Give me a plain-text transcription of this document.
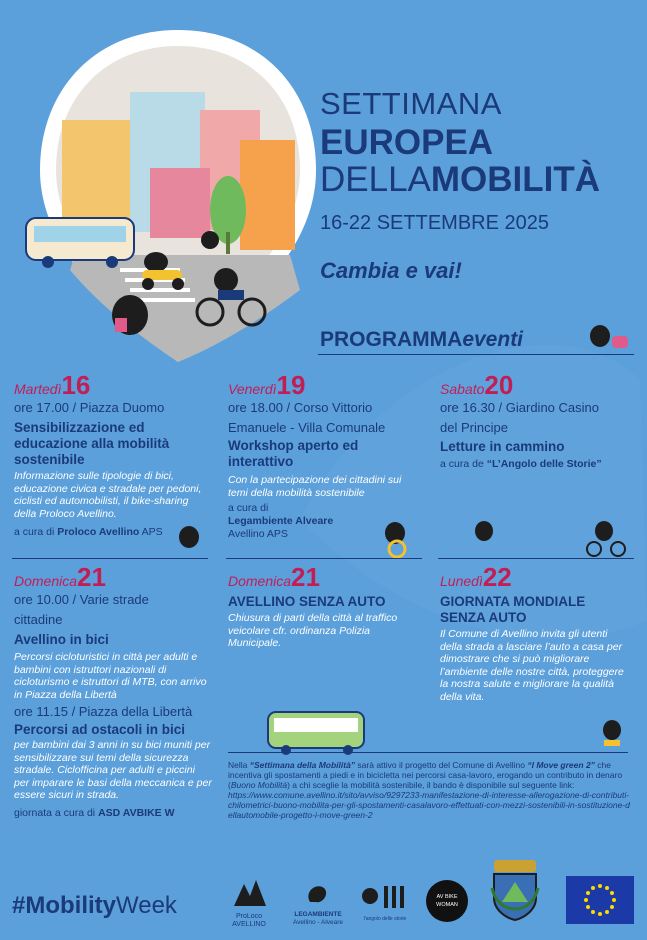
SETTIMANA
EUROPEA
DELLAMOBILITÀ
16-22 SETTEMBRE 2025
Cambia e vai!
PROGRAMMAeventi
Martedì16
ore 17.00 / Piazza Duomo
Sensibilizzazione ed educazione alla mobilità sostenibile
Informazione sulle tipologie di bici, educazione civica e stradale per pedoni, ciclisti ed automobilisti, il bike-sharing della Proloco Avellino.
a cura di Proloco Avellino APS
Venerdì19
ore 18.00 / Corso Vittorio Emanuele - Villa Comunale
Workshop aperto ed interattivo
Con la partecipazione dei cittadini sui temi della mobilità sostenibile
a cura di
Legambiente Alveare
Avellino APS
Sabato20
ore 16.30 / Giardino Casino del Principe
Letture in cammino
a cura de “L’Angolo delle Storie”
Domenica21
ore 10.00 / Varie strade cittadine
Avellino in bici
Percorsi cicloturistici in città per adulti e bambini con istruttori nazionali di cicloturismo e istruttori di MTB, con arrivo in Piazza della Libertà
ore 11.15 / Piazza della Libertà
Percorsi ad ostacoli in bici
per bambini dai 3 anni in su bici muniti per sensibilizzare sui temi della sicurezza stradale. Ciclofficina per adulti e piccini per imparare le basi della meccanica e per essere sicuri in strada.
giornata a cura di ASD AVBIKE W
Domenica21
AVELLINO SENZA AUTO
Chiusura di parti della città al traffico veicolare cfr. ordinanza Polizia Municipale.
Lunedì22
GIORNATA MONDIALE SENZA AUTO
Il Comune di Avellino invita gli utenti della strada a lasciare l’auto a casa per dimostrare che si può migliorare l’ambiente delle nostre città, proteggere la nostra salute e migliorare la qualità della vita.
Nella “Settimana della Mobilità” sarà attivo il progetto del Comune di Avellino “I Move green 2” che incentiva gli spostamenti a piedi e in bicicletta nei percorsi casa-lavoro, erogando un contributo in denaro (Buono Mobilità) a chi sceglie la mobilità sostenibile, il bando è disponibile sul seguente link:
https://www.comune.avellino.it/sito/avviso/9297233-manifestazione-di-interesse-allerogazione-di-contributi-chilometrici-buono-mobilita-per-gli-spostamenti-casalavoro-effettuati-con-mezzi-sostenibili-in-sostituzione-dellautomobile-progetto-i-move-green-2
#MobilityWeek	ProLoco
AVELLINO
LEGAMBIENTE
Avellino - Alveare	l'angolo delle storie
AV BIKE WOMAN
